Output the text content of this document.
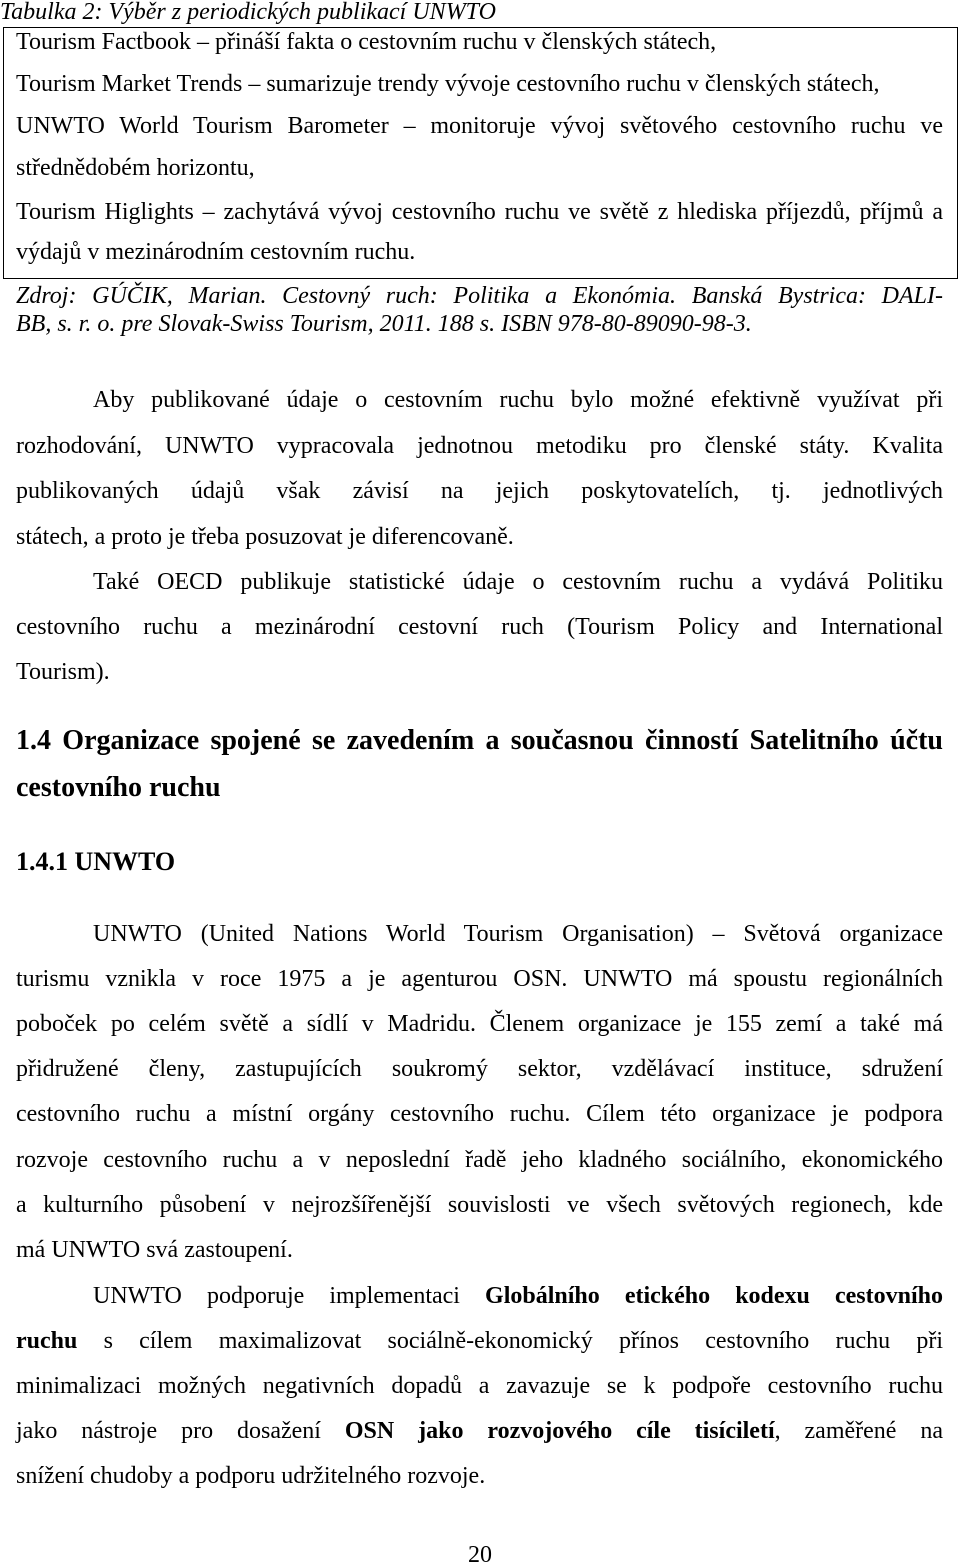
Tabulka 2: Výběr z periodických publikací UNWTO
Tourism Factbook – přináší fakta o cestovním ruchu v členských státech,
Tourism Market Trends – sumarizuje trendy vývoje cestovního ruchu v členských státech,
UNWTO World Tourism Barometer – monitoruje vývoj světového cestovního ruchu ve
střednědobém horizontu,
Tourism Higlights – zachytává vývoj cestovního ruchu ve světě z hlediska příjezdů, příjmů a
výdajů v mezinárodním cestovním ruchu.
Zdroj: GÚČIK, Marian. Cestovný ruch: Politika a Ekonómia. Banská Bystrica: DALI-
BB, s. r. o. pre Slovak-Swiss Tourism, 2011. 188 s. ISBN 978-80-89090-98-3.
Aby publikované údaje o cestovním ruchu bylo možné efektivně využívat při
rozhodování, UNWTO vypracovala jednotnou metodiku pro členské státy. Kvalita
publikovaných údajů však závisí na jejich poskytovatelích, tj. jednotlivých
státech, a proto je třeba posuzovat je diferencovaně.
Také OECD publikuje statistické údaje o cestovním ruchu a vydává Politiku
cestovního ruchu a mezinárodní cestovní ruch (Tourism Policy and International
Tourism).
1.4 Organizace spojené se zavedením a současnou činností Satelitního účtu
cestovního ruchu
1.4.1 UNWTO
UNWTO (United Nations World Tourism Organisation) – Světová organizace
turismu vznikla v roce 1975 a je agenturou OSN. UNWTO má spoustu regionálních
poboček po celém světě a sídlí v Madridu. Členem organizace je 155 zemí a také má
přidružené členy, zastupujících soukromý sektor, vzdělávací instituce, sdružení
cestovního ruchu a místní orgány cestovního ruchu. Cílem této organizace je podpora
rozvoje cestovního ruchu a v neposlední řadě jeho kladného sociálního, ekonomického
a kulturního působení v nejrozšířenější souvislosti ve všech světových regionech, kde
má UNWTO svá zastoupení.
UNWTO podporuje implementaci Globálního etického kodexu cestovního
ruchu s cílem maximalizovat sociálně-ekonomický přínos cestovního ruchu při
minimalizaci možných negativních dopadů a zavazuje se k podpoře cestovního ruchu
jako nástroje pro dosažení OSN jako rozvojového cíle tisíciletí, zaměřené na
snížení chudoby a podporu udržitelného rozvoje.
20
